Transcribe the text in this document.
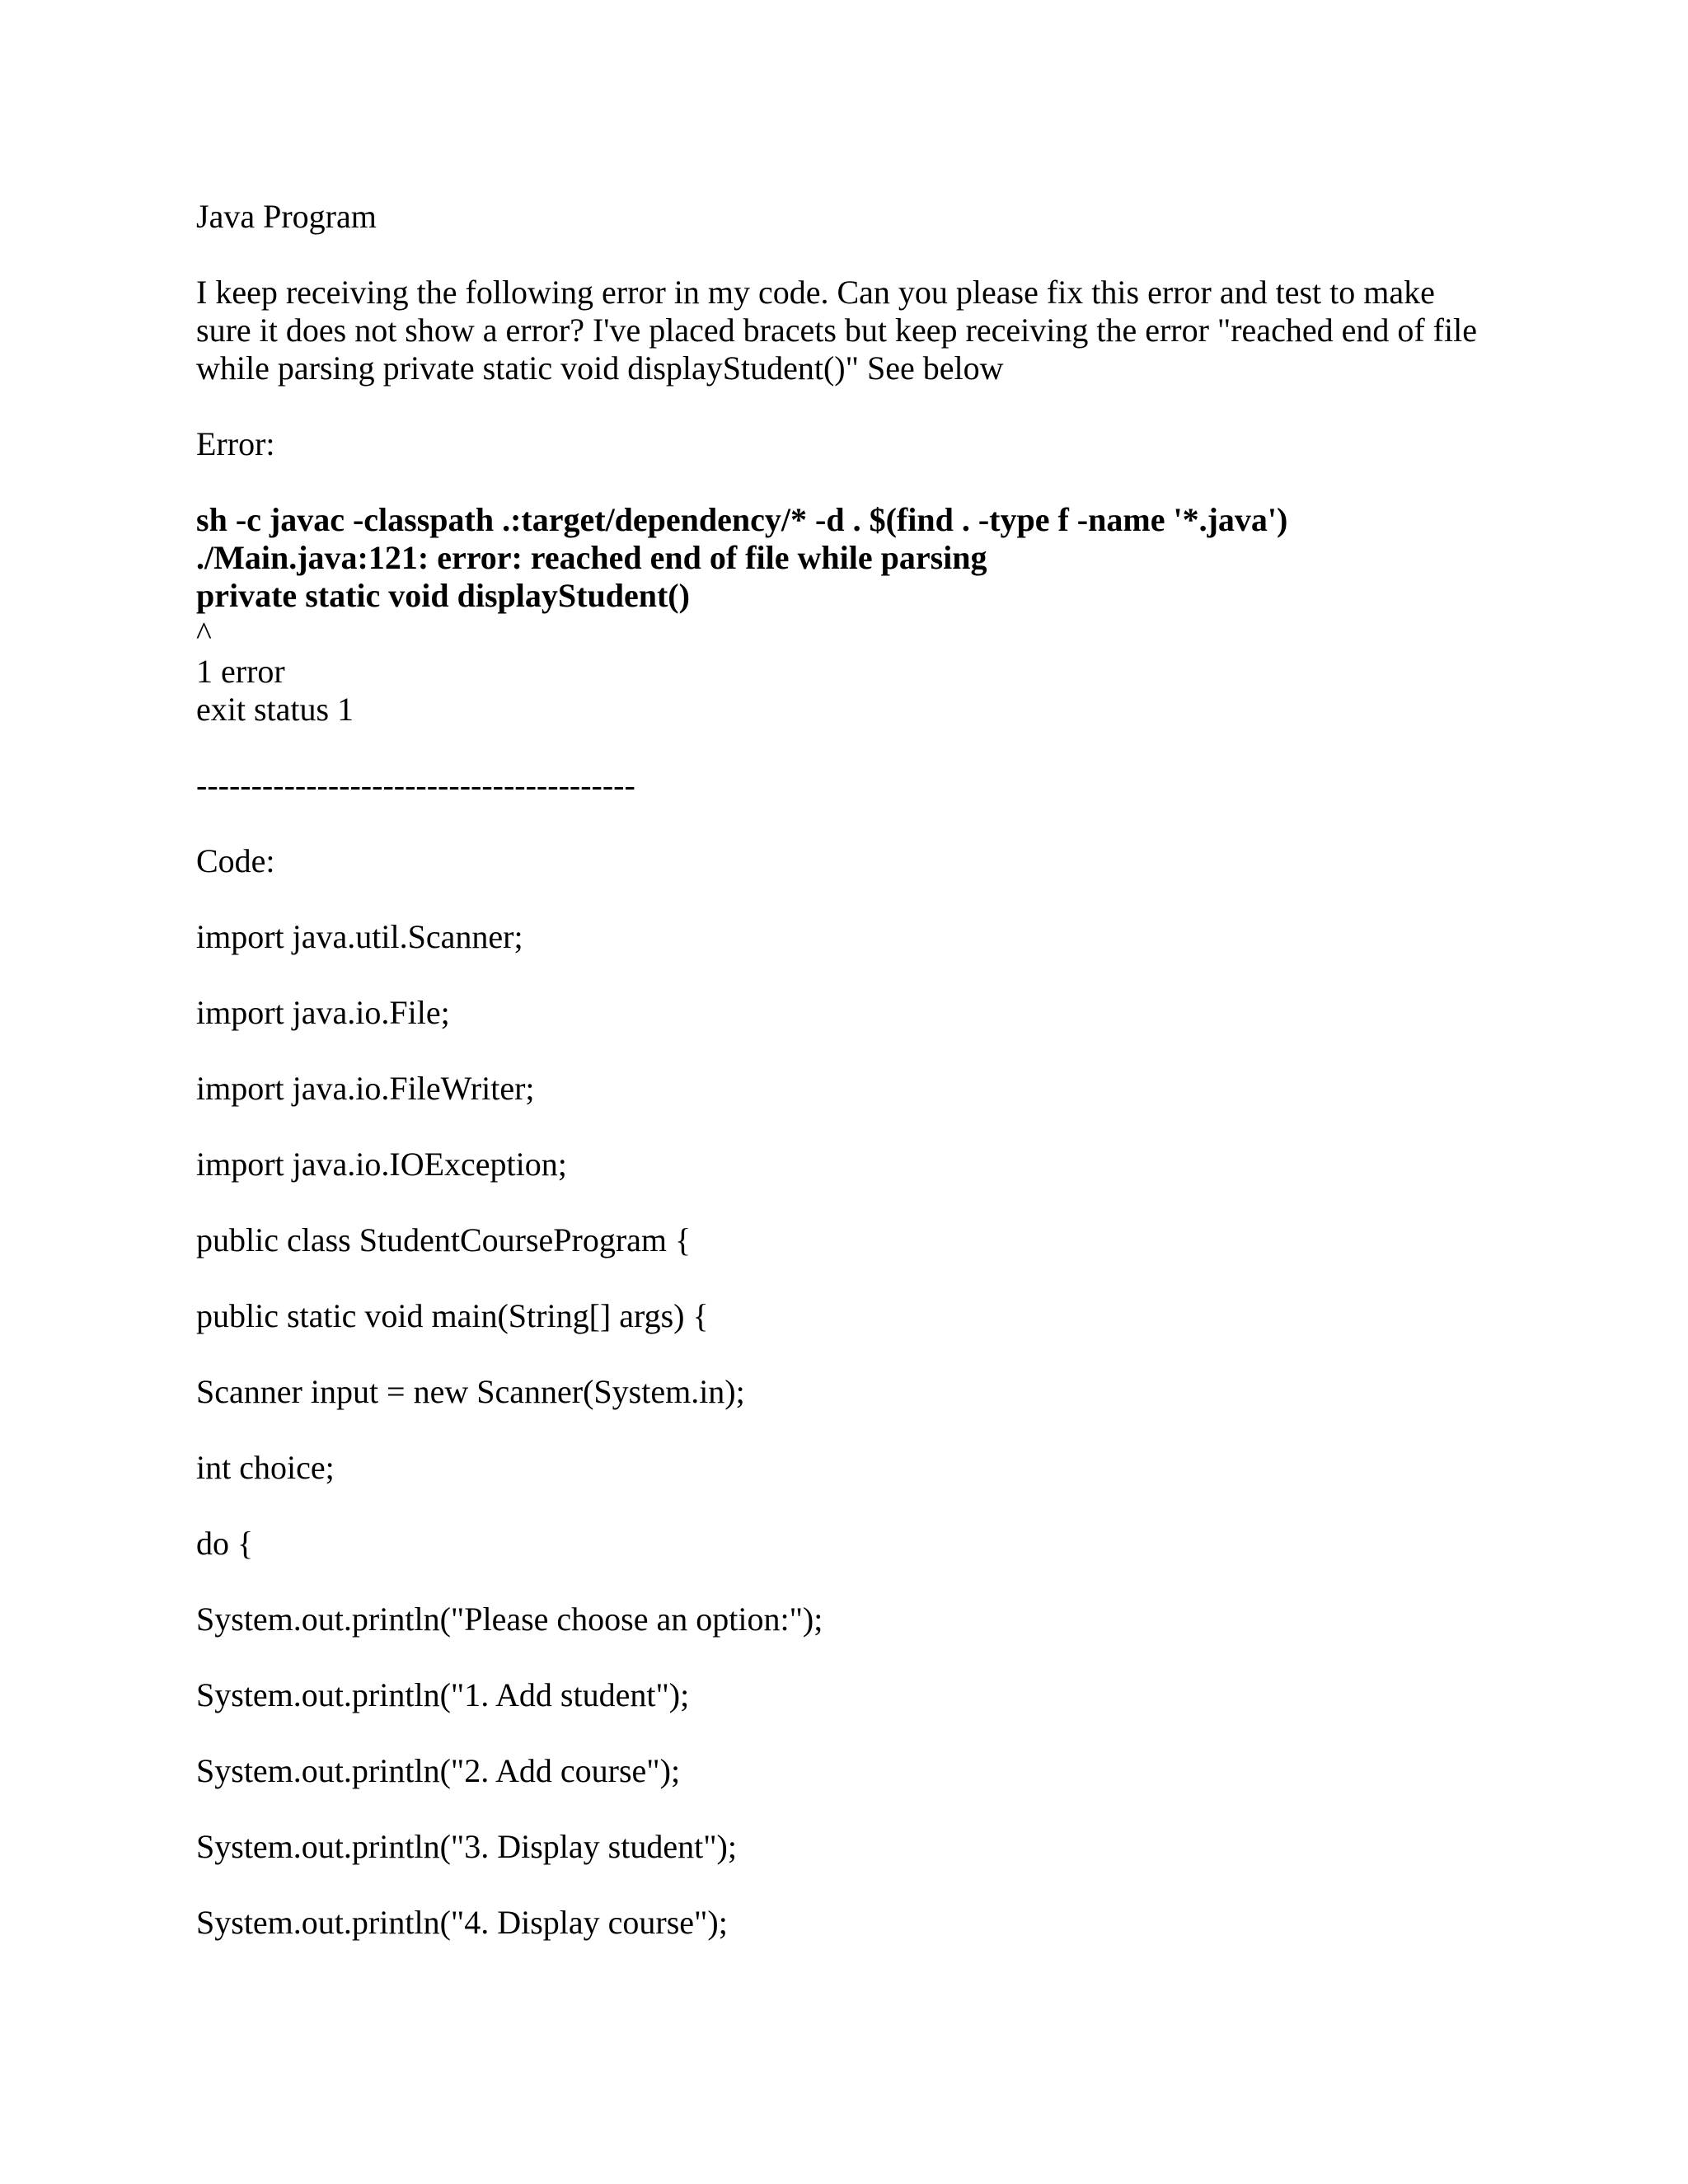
Java Program

I keep receiving the following error in my code. Can you please fix this error and test to make

sure it does not show a error? I've placed bracets but keep receiving the error "reached end of file

while parsing private static void displayStudent()" See below

Error:

sh -c javac -classpath .:target/dependency/* -d . $(find . -type f -name '*.java')

./Main.java:121: error: reached end of file while parsing

private static void displayStudent()

^

1 error

exit status 1

----------------------------------------

Code:

import java.util.Scanner;

import java.io.File;

import java.io.FileWriter;

import java.io.IOException;

public class StudentCourseProgram {

public static void main(String[] args) {

Scanner input = new Scanner(System.in);

int choice;

do {

System.out.println("Please choose an option:");

System.out.println("1. Add student");

System.out.println("2. Add course");

System.out.println("3. Display student");

System.out.println("4. Display course");
